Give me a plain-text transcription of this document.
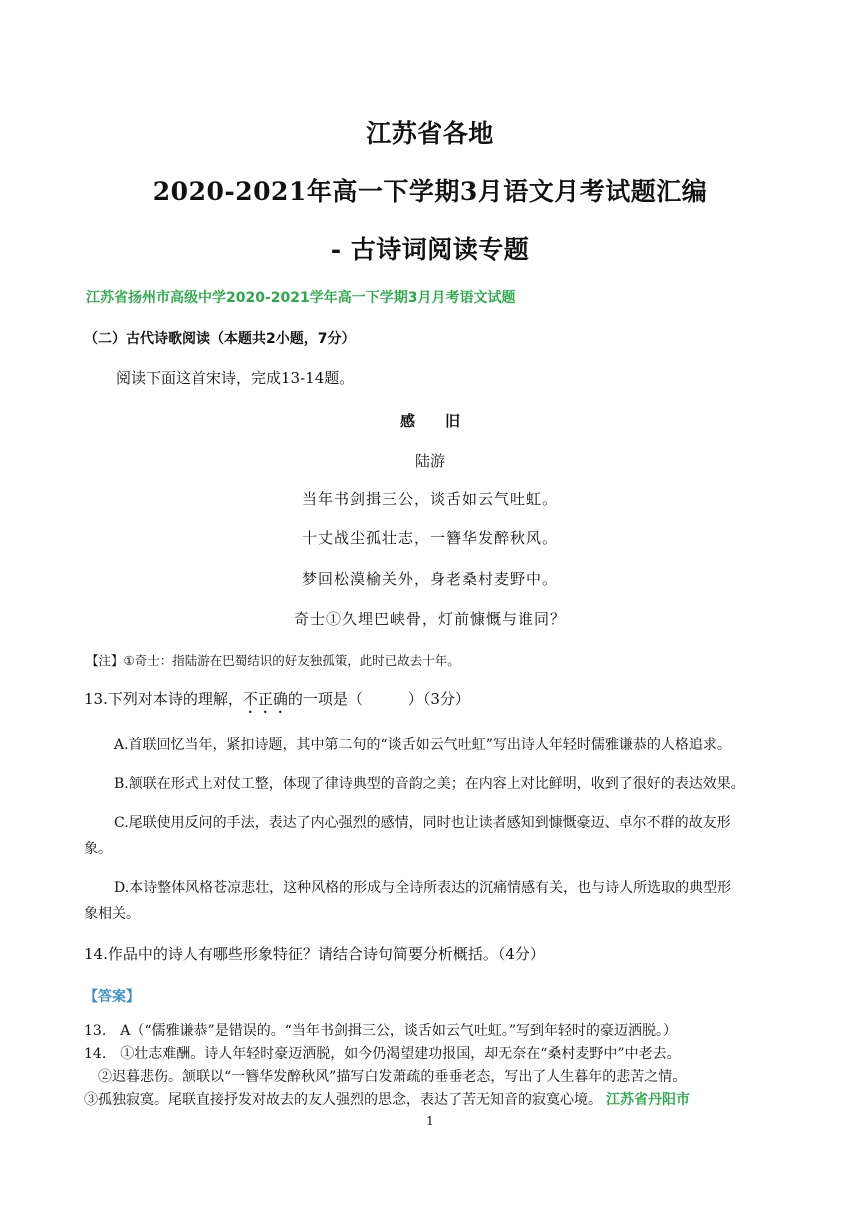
江苏省各地
2020-2021年高一下学期3月语文月考试题汇编
- 古诗词阅读专题
江苏省扬州市高级中学2020-2021学年高一下学期3月月考语文试题
（二）古代诗歌阅读（本题共2小题，7分）
阅读下面这首宋诗，完成13-14题。
感　　旧
陆游
当年书剑揖三公，谈舌如云气吐虹。
十丈战尘孤壮志，一簪华发醉秋风。
梦回松漠榆关外，身老桑村麦野中。
奇士①久埋巴峡骨，灯前慷慨与谁同？
【注】①奇士：指陆游在巴蜀结识的好友独孤策，此时已故去十年。
13.下列对本诗的理解，不正确的一项是（　　　）（3分）
A.首联回忆当年，紧扣诗题，其中第二句的“谈舌如云气吐虹”写出诗人年轻时儒雅谦恭的人格追求。
B.颔联在形式上对仗工整，体现了律诗典型的音韵之美；在内容上对比鲜明，收到了很好的表达效果。
C.尾联使用反问的手法，表达了内心强烈的感情，同时也让读者感知到慷慨豪迈、卓尔不群的故友形
象。
D.本诗整体风格苍凉悲壮，这种风格的形成与全诗所表达的沉痛情感有关，也与诗人所选取的典型形
象相关。
14.作品中的诗人有哪些形象特征？请结合诗句简要分析概括。（4分）
【答案】
13.　A（“儒雅谦恭”是错误的。“当年书剑揖三公，谈舌如云气吐虹。”写到年轻时的豪迈洒脱。）
14.　①壮志难酬。诗人年轻时豪迈洒脱，如今仍渴望建功报国，却无奈在“桑村麦野中”中老去。
　②迟暮悲伤。颔联以“一簪华发醉秋风”描写白发萧疏的垂垂老态，写出了人生暮年的悲苦之情。
③孤独寂寞。尾联直接抒发对故去的友人强烈的思念，表达了苦无知音的寂寞心境。 江苏省丹阳市
1
